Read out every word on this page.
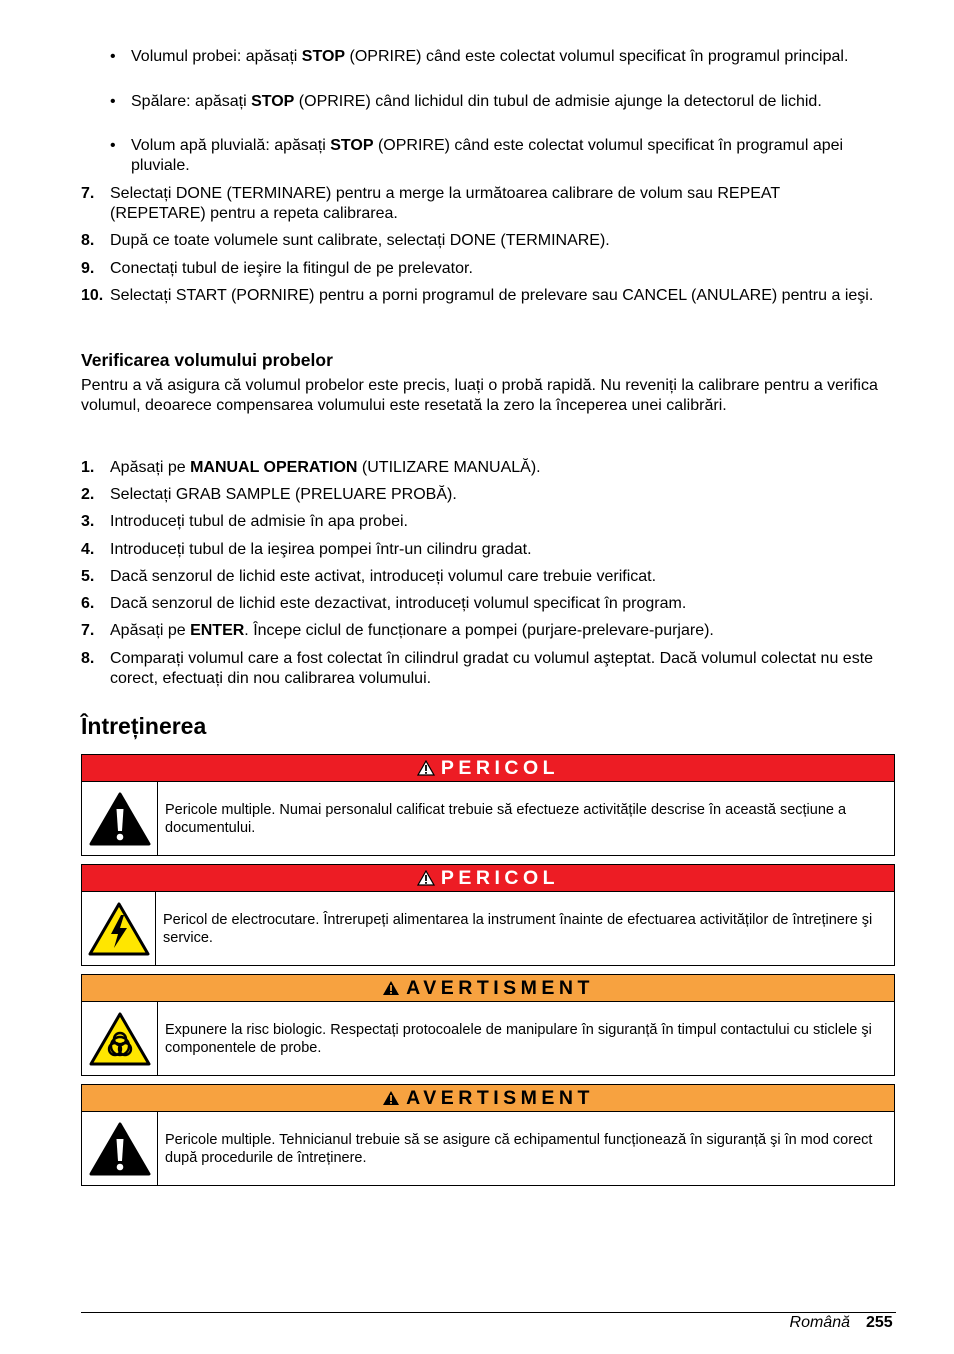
• Volumul probei: apăsați STOP (OPRIRE) când este colectat volumul specificat în programul principal.
• Spălare: apăsați STOP (OPRIRE) când lichidul din tubul de admisie ajunge la detectorul de lichid.
• Volum apă pluvială: apăsați STOP (OPRIRE) când este colectat volumul specificat în programul apei pluviale.
7. Selectați DONE (TERMINARE) pentru a merge la următoarea calibrare de volum sau REPEAT (REPETARE) pentru a repeta calibrarea.
8. După ce toate volumele sunt calibrate, selectați DONE (TERMINARE).
9. Conectați tubul de ieşire la fitingul de pe prelevator.
10. Selectați START (PORNIRE) pentru a porni programul de prelevare sau CANCEL (ANULARE) pentru a ieşi.
Verificarea volumului probelor
Pentru a vă asigura că volumul probelor este precis, luați o probă rapidă. Nu reveniți la calibrare pentru a verifica volumul, deoarece compensarea volumului este resetată la zero la începerea unei calibrări.
1. Apăsați pe MANUAL OPERATION (UTILIZARE MANUALĂ).
2. Selectați GRAB SAMPLE (PRELUARE PROBĂ).
3. Introduceți tubul de admisie în apa probei.
4. Introduceți tubul de la ieşirea pompei într-un cilindru gradat.
5. Dacă senzorul de lichid este activat, introduceți volumul care trebuie verificat.
6. Dacă senzorul de lichid este dezactivat, introduceți volumul specificat în program.
7. Apăsați pe ENTER. Începe ciclul de funcționare a pompei (purjare-prelevare-purjare).
8. Comparați volumul care a fost colectat în cilindrul gradat cu volumul aşteptat. Dacă volumul colectat nu este corect, efectuați din nou calibrarea volumului.
Întreținerea
PERICOL
Pericole multiple. Numai personalul calificat trebuie să efectueze activitățile descrise în această secțiune a documentului.
PERICOL
Pericol de electrocutare. Întrerupeți alimentarea la instrument înainte de efectuarea activităților de întreținere şi service.
AVERTISMENT
Expunere la risc biologic. Respectați protocoalele de manipulare în siguranță în timpul contactului cu sticlele şi componentele de probe.
AVERTISMENT
Pericole multiple. Tehnicianul trebuie să se asigure că echipamentul funcționează în siguranță şi în mod corect după procedurile de întreținere.
Română 255
